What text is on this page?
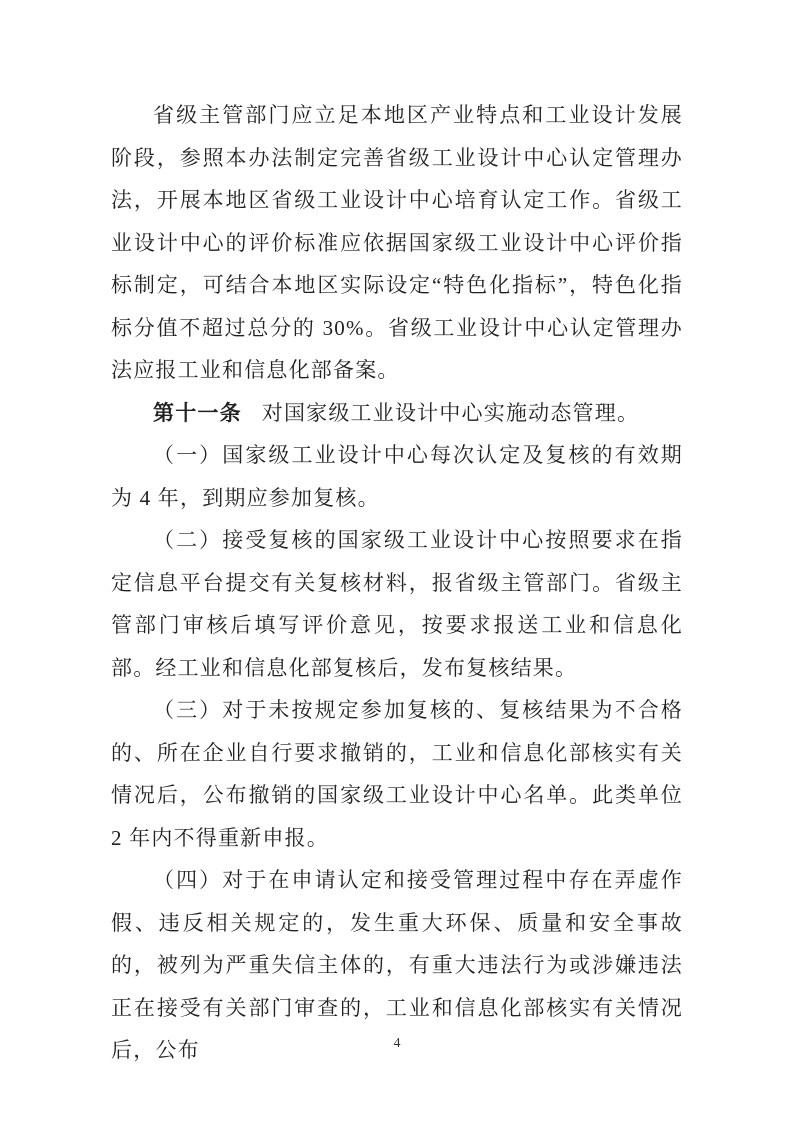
省级主管部门应立足本地区产业特点和工业设计发展阶段，参照本办法制定完善省级工业设计中心认定管理办法，开展本地区省级工业设计中心培育认定工作。省级工业设计中心的评价标准应依据国家级工业设计中心评价指标制定，可结合本地区实际设定“特色化指标”，特色化指标分值不超过总分的 30%。省级工业设计中心认定管理办法应报工业和信息化部备案。

第十一条 对国家级工业设计中心实施动态管理。

（一）国家级工业设计中心每次认定及复核的有效期为 4 年，到期应参加复核。

（二）接受复核的国家级工业设计中心按照要求在指定信息平台提交有关复核材料，报省级主管部门。省级主管部门审核后填写评价意见，按要求报送工业和信息化部。经工业和信息化部复核后，发布复核结果。

（三）对于未按规定参加复核的、复核结果为不合格的、所在企业自行要求撤销的，工业和信息化部核实有关情况后，公布撤销的国家级工业设计中心名单。此类单位 2 年内不得重新申报。

（四）对于在申请认定和接受管理过程中存在弄虚作假、违反相关规定的，发生重大环保、质量和安全事故的，被列为严重失信主体的，有重大违法行为或涉嫌违法正在接受有关部门审查的，工业和信息化部核实有关情况后，公布	4
